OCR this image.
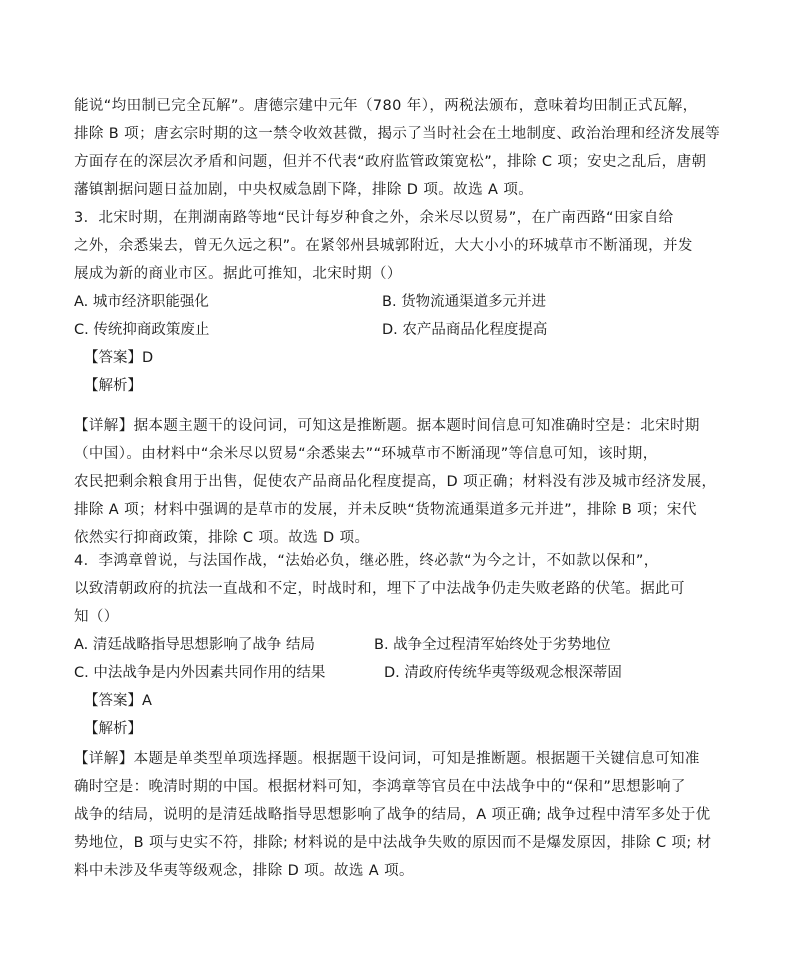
能说“均田制已完全瓦解”。唐德宗建中元年（780 年），两税法颁布，意味着均田制正式瓦解，
排除 B 项；唐玄宗时期的这一禁令收效甚微，揭示了当时社会在土地制度、政治治理和经济发展等
方面存在的深层次矛盾和问题，但并不代表“政府监管政策宽松”，排除 C 项；安史之乱后，唐朝
藩镇割据问题日益加剧，中央权威急剧下降，排除 D 项。故选 A 项。
3．北宋时期，在荆湖南路等地“民计每岁种食之外，余米尽以贸易”，在广南西路“田家自给
之外，余悉粜去，曾无久远之积”。在紧邻州县城郭附近，大大小小的环城草市不断涌现，并发
展成为新的商业市区。据此可推知，北宋时期（）
A. 城市经济职能强化	B. 货物流通渠道多元并进
C. 传统抑商政策废止	D. 农产品商品化程度提高
【答案】D
【解析】
【详解】据本题主题干的设问词，可知这是推断题。据本题时间信息可知准确时空是：北宋时期
（中国）。由材料中“余米尽以贸易“余悉粜去”“环城草市不断涌现”等信息可知，该时期，
农民把剩余粮食用于出售，促使农产品商品化程度提高，D 项正确；材料没有涉及城市经济发展，
排除 A 项；材料中强调的是草市的发展，并未反映“货物流通渠道多元并进”，排除 B 项；宋代
依然实行抑商政策，排除 C 项。故选 D 项。
4．李鸿章曾说，与法国作战，“法始必负，继必胜，终必款“为今之计，不如款以保和”，
以致清朝政府的抗法一直战和不定，时战时和，埋下了中法战争仍走失败老路的伏笔。据此可
知（）
A. 清廷战略指导思想影响了战争 结局	B. 战争全过程清军始终处于劣势地位
C. 中法战争是内外因素共同作用的结果	D. 清政府传统华夷等级观念根深蒂固
【答案】A
【解析】
【详解】本题是单类型单项选择题。根据题干设问词，可知是推断题。根据题干关键信息可知准
确时空是：晚清时期的中国。根据材料可知，李鸿章等官员在中法战争中的“保和”思想影响了
战争的结局，说明的是清廷战略指导思想影响了战争的结局，A 项正确; 战争过程中清军多处于优
势地位，B 项与史实不符，排除; 材料说的是中法战争失败的原因而不是爆发原因，排除 C 项; 材
料中未涉及华夷等级观念，排除 D 项。故选 A 项。
